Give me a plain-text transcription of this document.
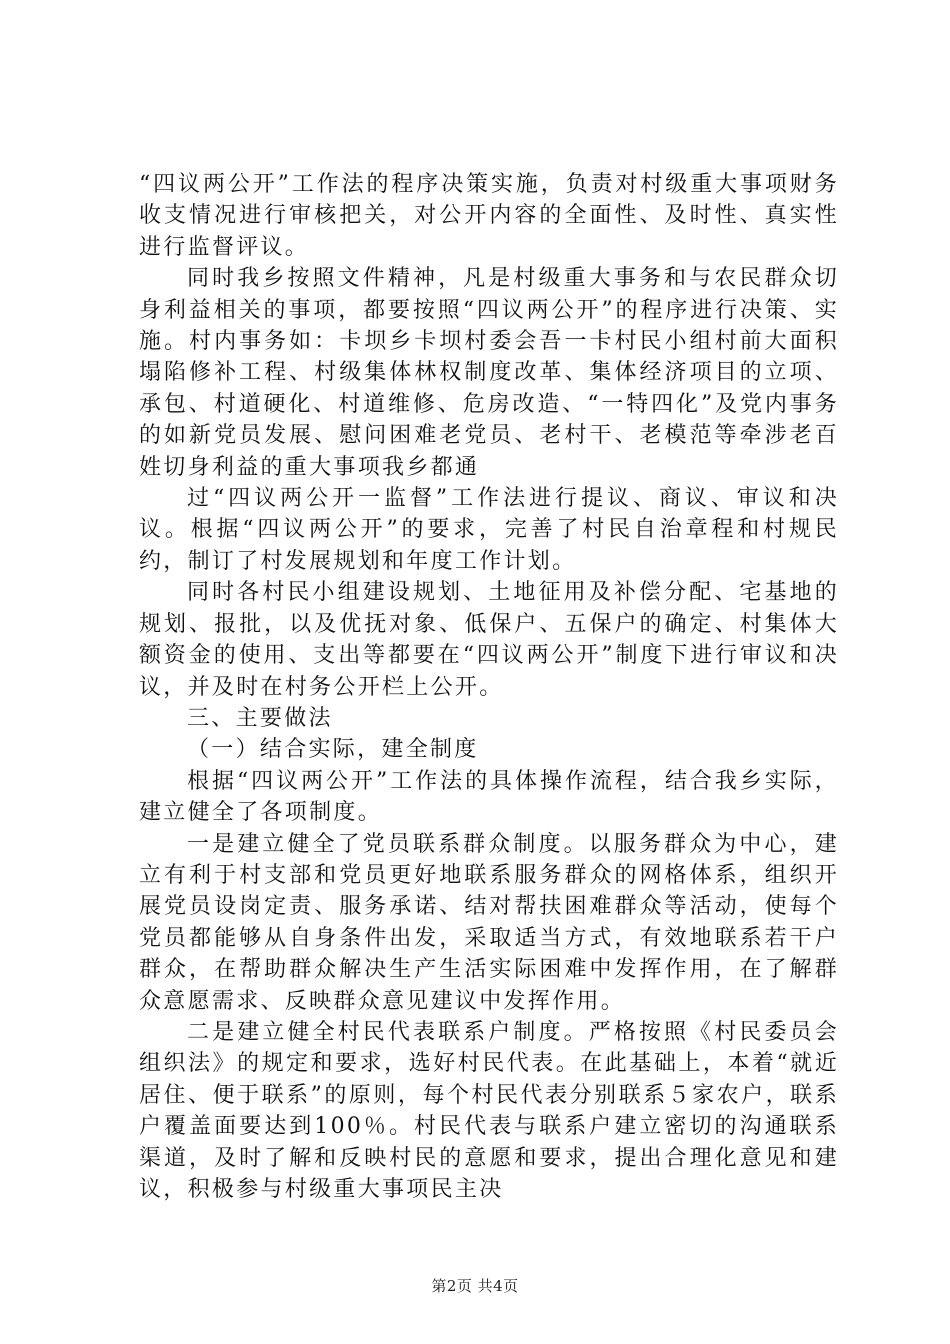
“四议两公开”工作法的程序决策实施，负责对村级重大事项财务收支情况进行审核把关，对公开内容的全面性、及时性、真实性进行监督评议。

同时我乡按照文件精神，凡是村级重大事务和与农民群众切身利益相关的事项，都要按照“四议两公开”的程序进行决策、实施。村内事务如：卡坝乡卡坝村委会吾一卡村民小组村前大面积塌陷修补工程、村级集体林权制度改革、集体经济项目的立项、承包、村道硬化、村道维修、危房改造、“一特四化”及党内事务的如新党员发展、慰问困难老党员、老村干、老模范等牵涉老百姓切身利益的重大事项我乡都通

过“四议两公开一监督”工作法进行提议、商议、审议和决议。根据“四议两公开”的要求，完善了村民自治章程和村规民约，制订了村发展规划和年度工作计划。

同时各村民小组建设规划、土地征用及补偿分配、宅基地的规划、报批，以及优抚对象、低保户、五保户的确定、村集体大额资金的使用、支出等都要在“四议两公开”制度下进行审议和决议，并及时在村务公开栏上公开。

三、主要做法

（一）结合实际，建全制度

根据“四议两公开”工作法的具体操作流程，结合我乡实际，建立健全了各项制度。

一是建立健全了党员联系群众制度。以服务群众为中心，建立有利于村支部和党员更好地联系服务群众的网格体系，组织开展党员设岗定责、服务承诺、结对帮扶困难群众等活动，使每个党员都能够从自身条件出发，采取适当方式，有效地联系若干户群众，在帮助群众解决生产生活实际困难中发挥作用，在了解群众意愿需求、反映群众意见建议中发挥作用。

二是建立健全村民代表联系户制度。严格按照《村民委员会组织法》的规定和要求，选好村民代表。在此基础上，本着“就近居住、便于联系”的原则，每个村民代表分别联系５家农户，联系户覆盖面要达到100％。村民代表与联系户建立密切的沟通联系渠道，及时了解和反映村民的意愿和要求，提出合理化意见和建议，积极参与村级重大事项民主决

第2页 共4页
